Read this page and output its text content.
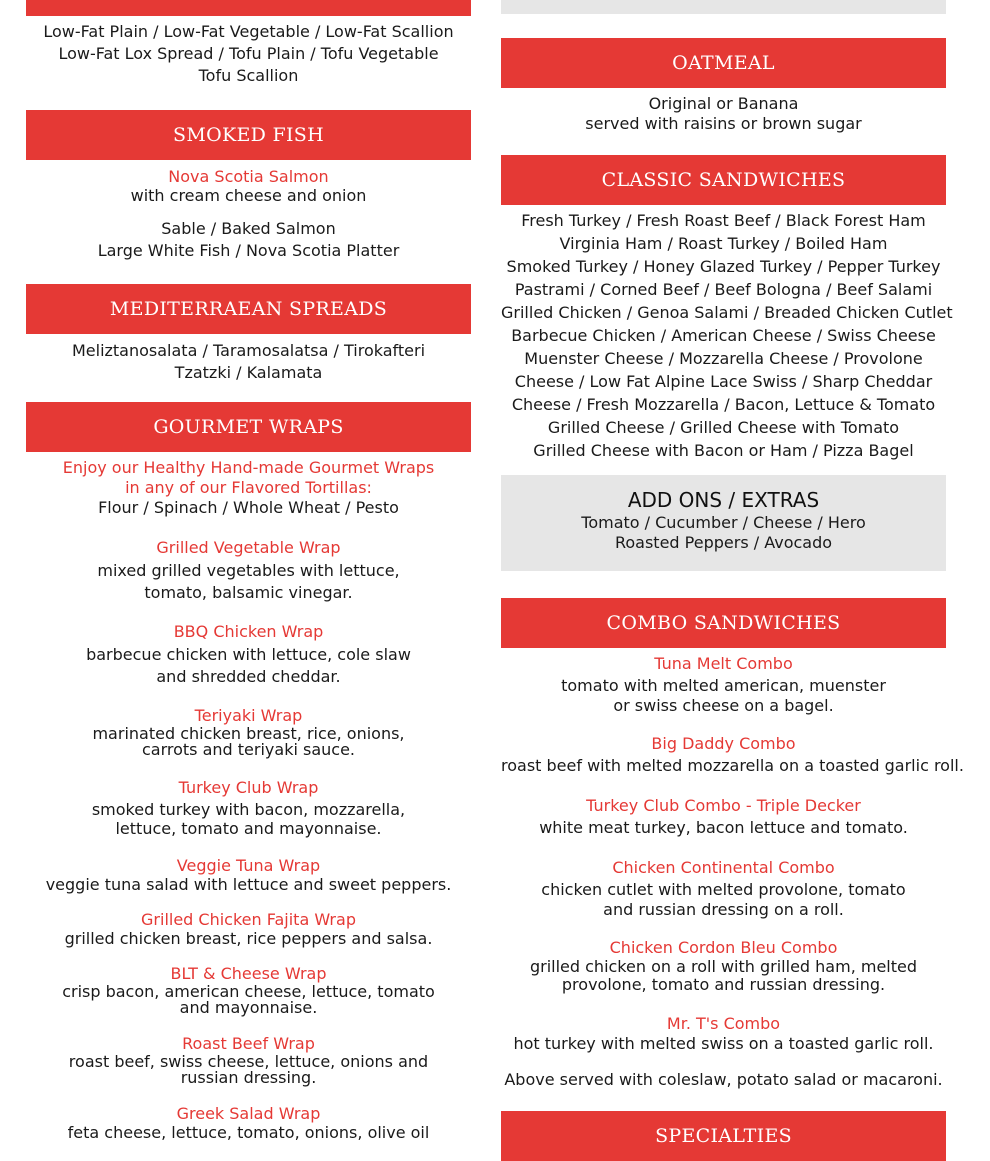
Low-Fat Plain / Low-Fat Vegetable / Low-Fat Scallion
Low-Fat Lox Spread / Tofu Plain / Tofu Vegetable
Tofu Scallion
SMOKED FISH
Nova Scotia Salmon
with cream cheese and onion
Sable / Baked Salmon
Large White Fish / Nova Scotia Platter
MEDITERRAEAN SPREADS
Meliztanosalata / Taramosalatsa / Tirokafteri
Tzatzki / Kalamata
GOURMET WRAPS
Enjoy our Healthy Hand-made Gourmet Wraps
in any of our Flavored Tortillas:
Flour / Spinach / Whole Wheat / Pesto
Grilled Vegetable Wrap
mixed grilled vegetables with lettuce, tomato, balsamic vinegar.
BBQ Chicken Wrap
barbecue chicken with lettuce, cole slaw and shredded cheddar.
Teriyaki Wrap
marinated chicken breast, rice, onions, carrots and teriyaki sauce.
Turkey Club Wrap
smoked turkey with bacon, mozzarella, lettuce, tomato and mayonnaise.
Veggie Tuna Wrap
veggie tuna salad with lettuce and sweet peppers.
Grilled Chicken Fajita Wrap
grilled chicken breast, rice peppers and salsa.
BLT & Cheese Wrap
crisp bacon, american cheese, lettuce, tomato and mayonnaise.
Roast Beef Wrap
roast beef, swiss cheese, lettuce, onions and russian dressing.
Greek Salad Wrap
feta cheese, lettuce, tomato, onions, olive oil
OATMEAL
Original or Banana
served with raisins or brown sugar
CLASSIC SANDWICHES
Fresh Turkey / Fresh Roast Beef / Black Forest Ham
Virginia Ham / Roast Turkey / Boiled Ham
Smoked Turkey / Honey Glazed Turkey / Pepper Turkey
Pastrami / Corned Beef / Beef Bologna / Beef Salami
Grilled Chicken / Genoa Salami / Breaded Chicken Cutlet
Barbecue Chicken / American Cheese / Swiss Cheese
Muenster Cheese / Mozzarella Cheese / Provolone
Cheese / Low Fat Alpine Lace Swiss / Sharp Cheddar
Cheese / Fresh Mozzarella / Bacon, Lettuce & Tomato
Grilled Cheese / Grilled Cheese with Tomato
Grilled Cheese with Bacon or Ham / Pizza Bagel
ADD ONS / EXTRAS
Tomato / Cucumber / Cheese / Hero
Roasted Peppers / Avocado
COMBO SANDWICHES
Tuna Melt Combo
tomato with melted american, muenster or swiss cheese on a bagel.
Big Daddy Combo
roast beef with melted mozzarella on a toasted garlic roll.
Turkey Club Combo - Triple Decker
white meat turkey, bacon lettuce and tomato.
Chicken Continental Combo
chicken cutlet with melted provolone, tomato and russian dressing on a roll.
Chicken Cordon Bleu Combo
grilled chicken on a roll with grilled ham, melted provolone, tomato and russian dressing.
Mr. T's Combo
hot turkey with melted swiss on a toasted garlic roll.
Above served with coleslaw, potato salad or macaroni.
SPECIALTIES
